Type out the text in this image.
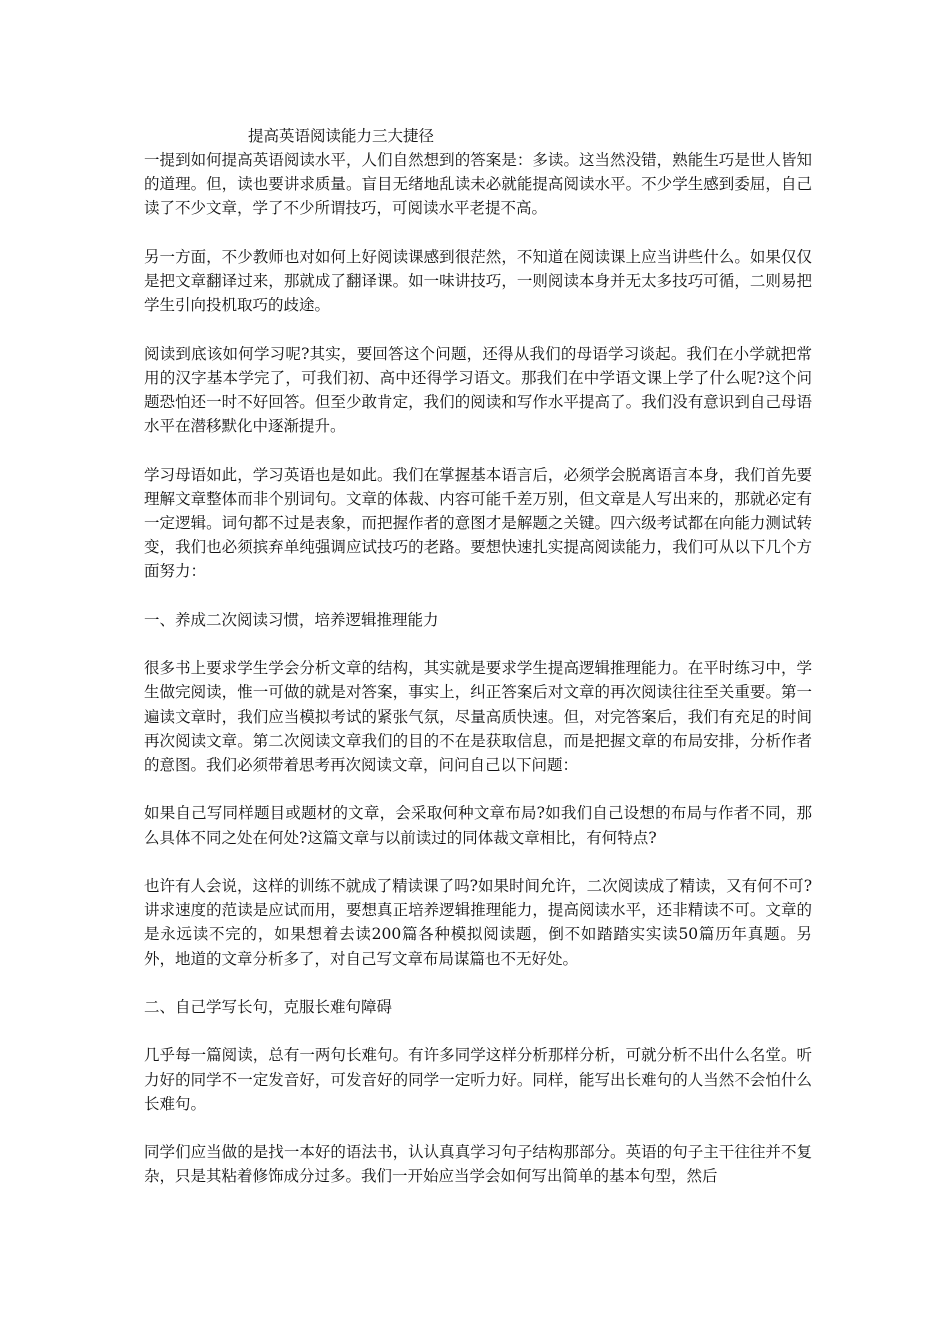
提高英语阅读能力三大捷径

一提到如何提高英语阅读水平，人们自然想到的答案是：多读。这当然没错，熟能生巧是世人皆知的道理。但，读也要讲求质量。盲目无绪地乱读未必就能提高阅读水平。不少学生感到委屈，自己读了不少文章，学了不少所谓技巧，可阅读水平老提不高。

另一方面，不少教师也对如何上好阅读课感到很茫然，不知道在阅读课上应当讲些什么。如果仅仅是把文章翻译过来，那就成了翻译课。如一味讲技巧，一则阅读本身并无太多技巧可循，二则易把学生引向投机取巧的歧途。

阅读到底该如何学习呢?其实，要回答这个问题，还得从我们的母语学习谈起。我们在小学就把常用的汉字基本学完了，可我们初、高中还得学习语文。那我们在中学语文课上学了什么呢?这个问题恐怕还一时不好回答。但至少敢肯定，我们的阅读和写作水平提高了。我们没有意识到自己母语水平在潜移默化中逐渐提升。

学习母语如此，学习英语也是如此。我们在掌握基本语言后，必须学会脱离语言本身，我们首先要理解文章整体而非个别词句。文章的体裁、内容可能千差万别，但文章是人写出来的，那就必定有一定逻辑。词句都不过是表象，而把握作者的意图才是解题之关键。四六级考试都在向能力测试转变，我们也必须摈弃单纯强调应试技巧的老路。要想快速扎实提高阅读能力，我们可从以下几个方面努力：

一、养成二次阅读习惯，培养逻辑推理能力

很多书上要求学生学会分析文章的结构，其实就是要求学生提高逻辑推理能力。在平时练习中，学生做完阅读，惟一可做的就是对答案，事实上，纠正答案后对文章的再次阅读往往至关重要。第一遍读文章时，我们应当模拟考试的紧张气氛，尽量高质快速。但，对完答案后，我们有充足的时间再次阅读文章。第二次阅读文章我们的目的不在是获取信息，而是把握文章的布局安排，分析作者的意图。我们必须带着思考再次阅读文章，问问自己以下问题：

如果自己写同样题目或题材的文章，会采取何种文章布局?如我们自己设想的布局与作者不同，那么具体不同之处在何处?这篇文章与以前读过的同体裁文章相比，有何特点?

也许有人会说，这样的训练不就成了精读课了吗?如果时间允许，二次阅读成了精读，又有何不可?讲求速度的范读是应试而用，要想真正培养逻辑推理能力，提高阅读水平，还非精读不可。文章的是永远读不完的，如果想着去读200篇各种模拟阅读题，倒不如踏踏实实读50篇历年真题。另外，地道的文章分析多了，对自己写文章布局谋篇也不无好处。

二、自己学写长句，克服长难句障碍

几乎每一篇阅读，总有一两句长难句。有许多同学这样分析那样分析，可就分析不出什么名堂。听力好的同学不一定发音好，可发音好的同学一定听力好。同样，能写出长难句的人当然不会怕什么长难句。

同学们应当做的是找一本好的语法书，认认真真学习句子结构那部分。英语的句子主干往往并不复杂，只是其粘着修饰成分过多。我们一开始应当学会如何写出简单的基本句型，然后
